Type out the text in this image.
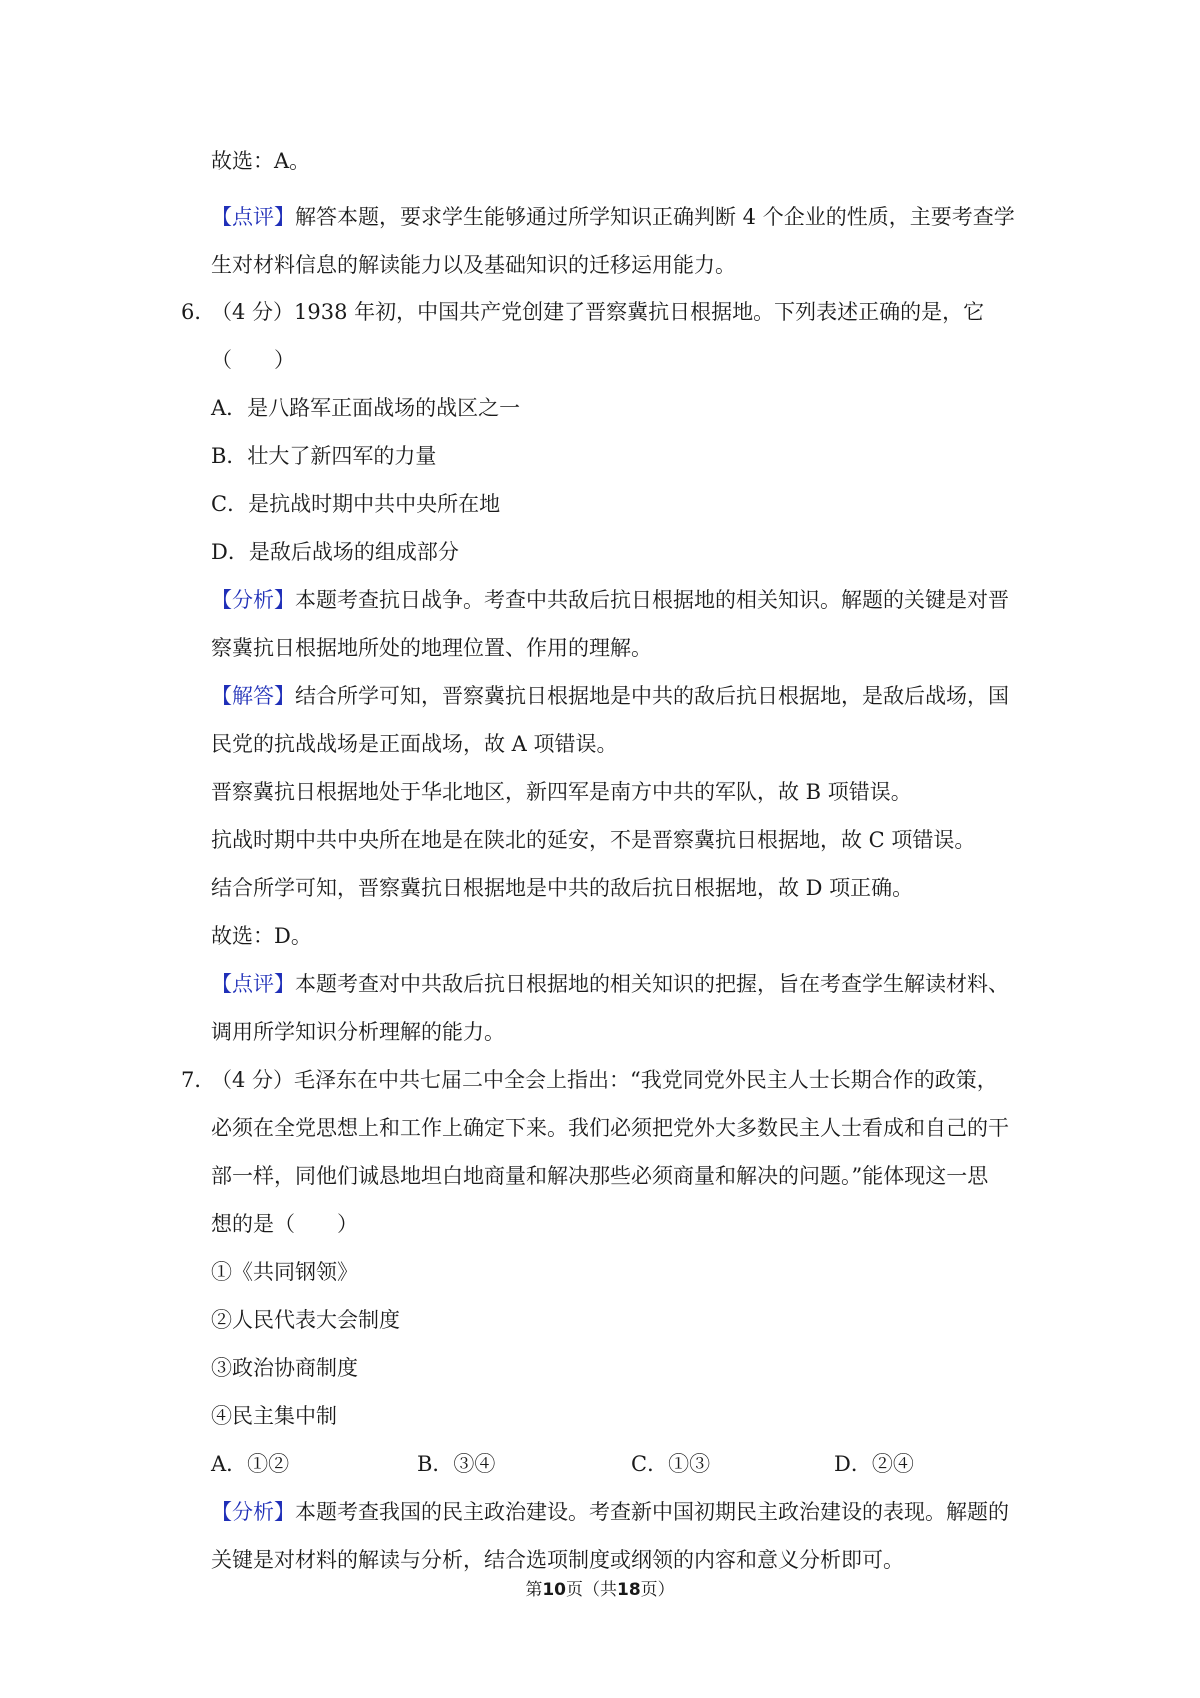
故选：A。
【点评】解答本题，要求学生能够通过所学知识正确判断 4 个企业的性质，主要考查学
生对材料信息的解读能力以及基础知识的迁移运用能力。
6．
（4 分）1938 年初，中国共产党创建了晋察冀抗日根据地。下列表述正确的是，它
（　　）
A．是八路军正面战场的战区之一
B．壮大了新四军的力量
C．是抗战时期中共中央所在地
D．是敌后战场的组成部分
【分析】本题考查抗日战争。考查中共敌后抗日根据地的相关知识。解题的关键是对晋
察冀抗日根据地所处的地理位置、作用的理解。
【解答】结合所学可知，晋察冀抗日根据地是中共的敌后抗日根据地，是敌后战场，国
民党的抗战战场是正面战场，故 A 项错误。
晋察冀抗日根据地处于华北地区，新四军是南方中共的军队，故 B 项错误。
抗战时期中共中央所在地是在陕北的延安，不是晋察冀抗日根据地，故 C 项错误。
结合所学可知，晋察冀抗日根据地是中共的敌后抗日根据地，故 D 项正确。
故选：D。
【点评】本题考查对中共敌后抗日根据地的相关知识的把握，旨在考查学生解读材料、
调用所学知识分析理解的能力。
7．
（4 分）毛泽东在中共七届二中全会上指出：“我党同党外民主人士长期合作的政策，
必须在全党思想上和工作上确定下来。我们必须把党外大多数民主人士看成和自己的干
部一样，同他们诚恳地坦白地商量和解决那些必须商量和解决的问题。”能体现这一思
想的是（　　）
①《共同钢领》
②人民代表大会制度
③政治协商制度
④民主集中制
A．①②	B．③④	C．①③	D．②④
【分析】本题考查我国的民主政治建设。考查新中国初期民主政治建设的表现。解题的
关键是对材料的解读与分析，结合选项制度或纲领的内容和意义分析即可。
第10页（共18页）
